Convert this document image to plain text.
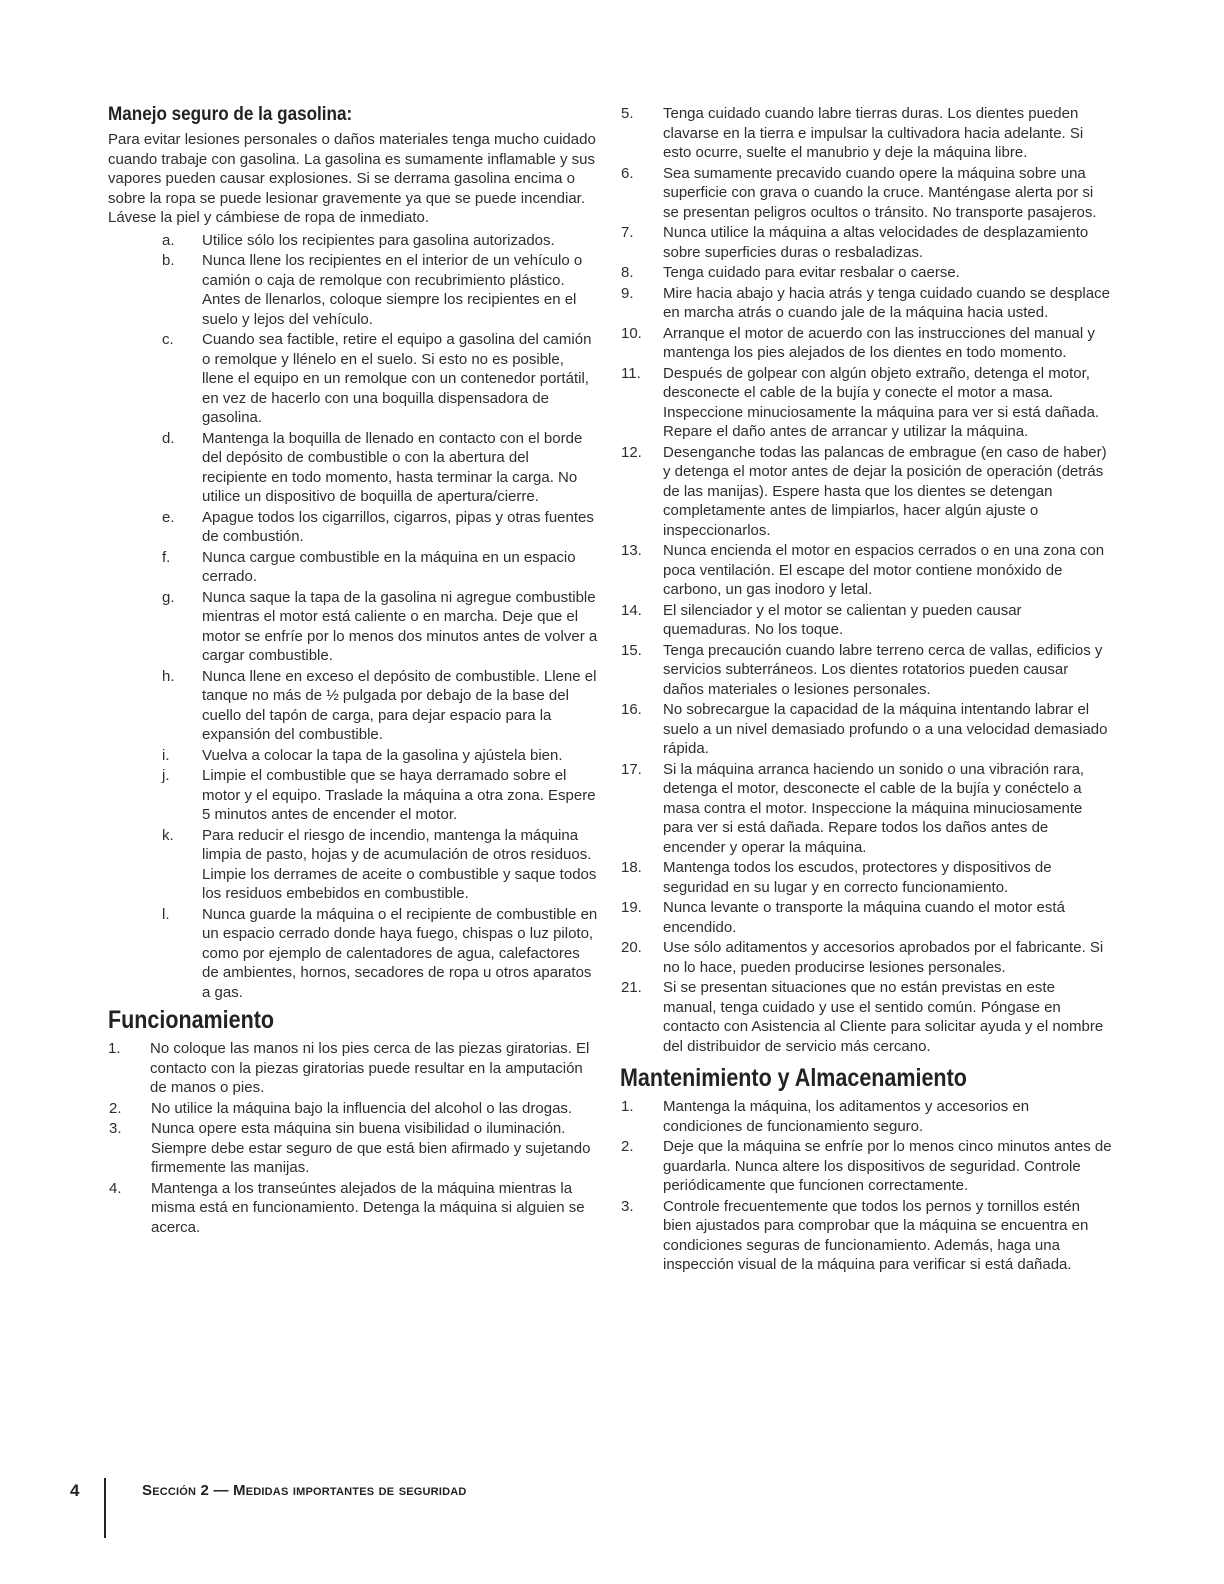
Manejo seguro de la gasolina:

Para evitar lesiones personales o daños materiales tenga mucho cuidado cuando trabaje con gasolina. La gasolina es sumamente inflamable y sus vapores pueden causar explosiones. Si se derrama gasolina encima o sobre la ropa se puede lesionar gravemente ya que se puede incendiar. Lávese la piel y cámbiese de ropa de inmediato.

a.	Utilice sólo los recipientes para gasolina autorizados.
b.	Nunca llene los recipientes en el interior de un vehículo o camión o caja de remolque con recubrimiento plástico. Antes de llenarlos, coloque siempre los recipientes en el suelo y lejos del vehículo.
c.	Cuando sea factible, retire el equipo a gasolina del camión o remolque y llénelo en el suelo. Si esto no es posible, llene el equipo en un remolque con un contenedor portátil, en vez de hacerlo con una boquilla dispensadora de gasolina.
d.	Mantenga la boquilla de llenado en contacto con el borde del depósito de combustible o con la abertura del recipiente en todo momento, hasta terminar la carga. No utilice un dispositivo de boquilla de apertura/cierre.
e.	Apague todos los cigarrillos, cigarros, pipas y otras fuentes de combustión.
f.	Nunca cargue combustible en la máquina en un espacio cerrado.
g.	Nunca saque la tapa de la gasolina ni agregue combustible mientras el motor está caliente o en marcha. Deje que el motor se enfríe por lo menos dos minutos antes de volver a cargar combustible.
h.	Nunca llene en exceso el depósito de combustible. Llene el tanque no más de ½ pulgada por debajo de la base del cuello del tapón de carga, para dejar espacio para la expansión del combustible.
i.	Vuelva a colocar la tapa de la gasolina y ajústela bien.
j.	Limpie el combustible que se haya derramado sobre el motor y el equipo. Traslade la máquina a otra zona. Espere 5 minutos antes de encender el motor.
k.	Para reducir el riesgo de incendio, mantenga la máquina limpia de pasto, hojas y de acumulación de otros residuos. Limpie los derrames de aceite o combustible y saque todos los residuos embebidos en combustible.
l.	Nunca guarde la máquina o el recipiente de combustible en un espacio cerrado donde haya fuego, chispas o luz piloto, como por ejemplo de calentadores de agua, calefactores de ambientes, hornos, secadores de ropa u otros aparatos a gas.
Funcionamiento
1.	No coloque las manos ni los pies cerca de las piezas giratorias. El contacto con la piezas giratorias puede resultar en la amputación de manos o pies.
2.	No utilice la máquina bajo la influencia del alcohol o las drogas.
3.	Nunca opere esta máquina sin buena visibilidad o iluminación. Siempre debe estar seguro de que está bien afirmado y sujetando firmemente las manijas.
4.	Mantenga a los transeúntes alejados de la máquina mientras la misma está en funcionamiento. Detenga la máquina si alguien se acerca.
5.	Tenga cuidado cuando labre tierras duras. Los dientes pueden clavarse en la tierra e impulsar la cultivadora hacia adelante. Si esto ocurre, suelte el manubrio y deje la máquina libre.
6.	Sea sumamente precavido cuando opere la máquina sobre una superficie con grava o cuando la cruce. Manténgase alerta por si se presentan peligros ocultos o tránsito. No transporte pasajeros.
7.	Nunca utilice la máquina a altas velocidades de desplazamiento sobre superficies duras o resbaladizas.
8.	Tenga cuidado para evitar resbalar o caerse.
9.	Mire hacia abajo y hacia atrás y tenga cuidado cuando se desplace en marcha atrás o cuando jale de la máquina hacia usted.
10.	Arranque el motor de acuerdo con las instrucciones del manual y mantenga los pies alejados de los dientes en todo momento.
11.	Después de golpear con algún objeto extraño, detenga el motor, desconecte el cable de la bujía y conecte el motor a masa. Inspeccione minuciosamente la máquina para ver si está dañada. Repare el daño antes de arrancar y utilizar la máquina.
12.	Desenganche todas las palancas de embrague (en caso de haber) y detenga el motor antes de dejar la posición de operación (detrás de las manijas). Espere hasta que los dientes se detengan completamente antes de limpiarlos, hacer algún ajuste o inspeccionarlos.
13.	Nunca encienda el motor en espacios cerrados o en una zona con poca ventilación. El escape del motor contiene monóxido de carbono, un gas inodoro y letal.
14.	El silenciador y el motor se calientan y pueden causar quemaduras. No los toque.
15.	Tenga precaución cuando labre terreno cerca de vallas, edificios y servicios subterráneos. Los dientes rotatorios pueden causar daños materiales o lesiones personales.
16.	No sobrecargue la capacidad de la máquina intentando labrar el suelo a un nivel demasiado profundo o a una velocidad demasiado rápida.
17.	Si la máquina arranca haciendo un sonido o una vibración rara, detenga el motor, desconecte el cable de la bujía y conéctelo a masa contra el motor. Inspeccione la máquina minuciosamente para ver si está dañada. Repare todos los daños antes de encender y operar la máquina.
18.	Mantenga todos los escudos, protectores y dispositivos de seguridad en su lugar y en correcto funcionamiento.
19.	Nunca levante o transporte la máquina cuando el motor está encendido.
20.	Use sólo aditamentos y accesorios aprobados por el fabricante. Si no lo hace, pueden producirse lesiones personales.
21.	Si se presentan situaciones que no están previstas en este manual, tenga cuidado y use el sentido común. Póngase en contacto con Asistencia al Cliente para solicitar ayuda y el nombre del distribuidor de servicio más cercano.
Mantenimiento y Almacenamiento
1.	Mantenga la máquina, los aditamentos y accesorios en condiciones de funcionamiento seguro.
2.	Deje que la máquina se enfríe por lo menos cinco minutos antes de guardarla. Nunca altere los dispositivos de seguridad. Controle periódicamente que funcionen correctamente.
3.	Controle frecuentemente que todos los pernos y tornillos estén bien ajustados para comprobar que la máquina se encuentra en condiciones seguras de funcionamiento. Además, haga una inspección visual de la máquina para verificar si está dañada.
4	Sección 2 — Medidas importantes de seguridad
